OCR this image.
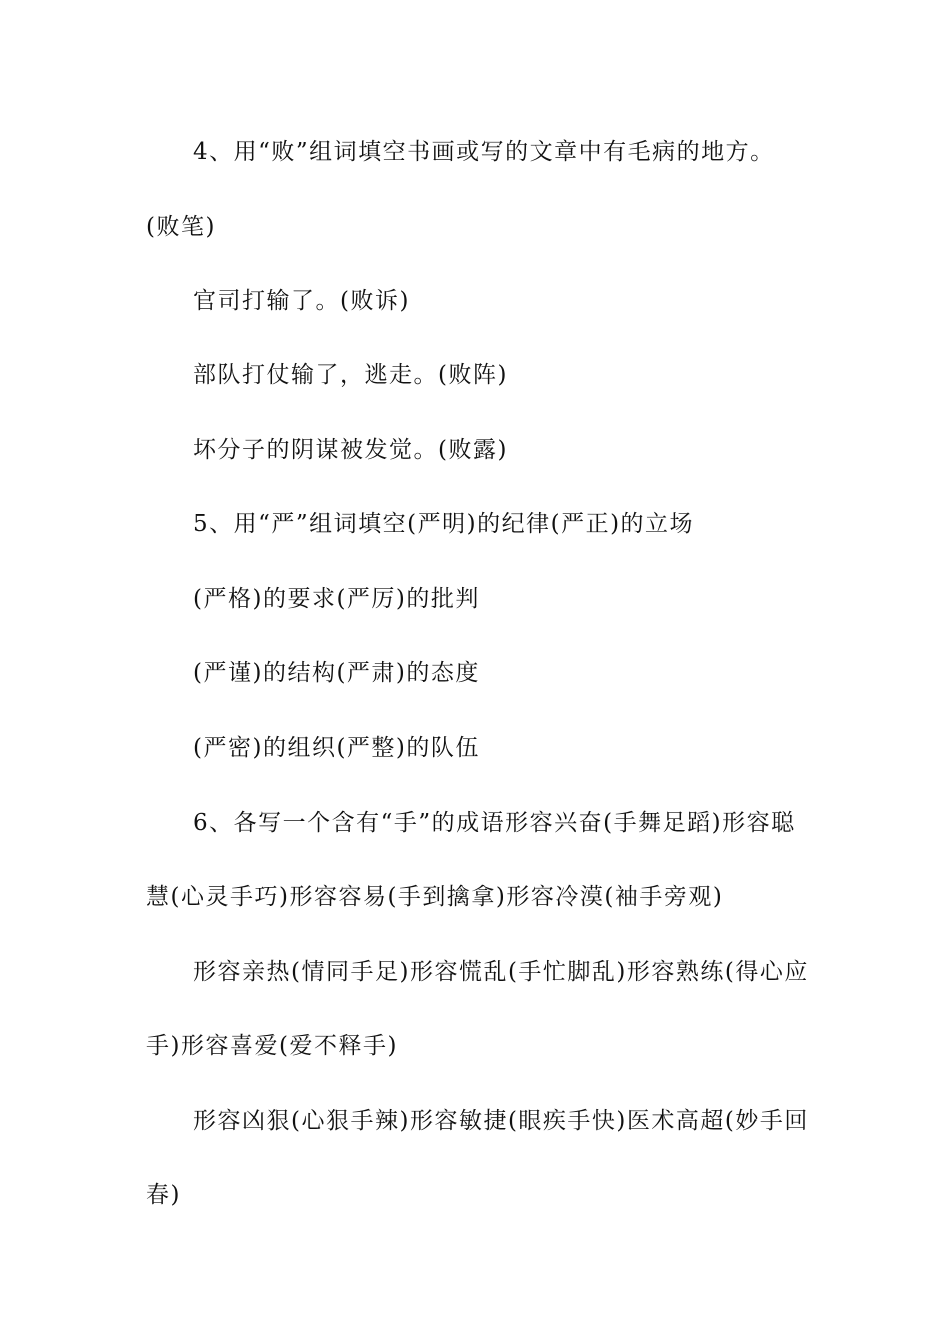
4、用“败”组词填空书画或写的文章中有毛病的地方。
(败笔)
官司打输了。(败诉)
部队打仗输了，逃走。(败阵)
坏分子的阴谋被发觉。(败露)
5、用“严”组词填空(严明)的纪律(严正)的立场
(严格)的要求(严厉)的批判
(严谨)的结构(严肃)的态度
(严密)的组织(严整)的队伍
6、各写一个含有“手”的成语形容兴奋(手舞足蹈)形容聪
慧(心灵手巧)形容容易(手到擒拿)形容冷漠(袖手旁观)
形容亲热(情同手足)形容慌乱(手忙脚乱)形容熟练(得心应
手)形容喜爱(爱不释手)
形容凶狠(心狠手辣)形容敏捷(眼疾手快)医术高超(妙手回
春)
